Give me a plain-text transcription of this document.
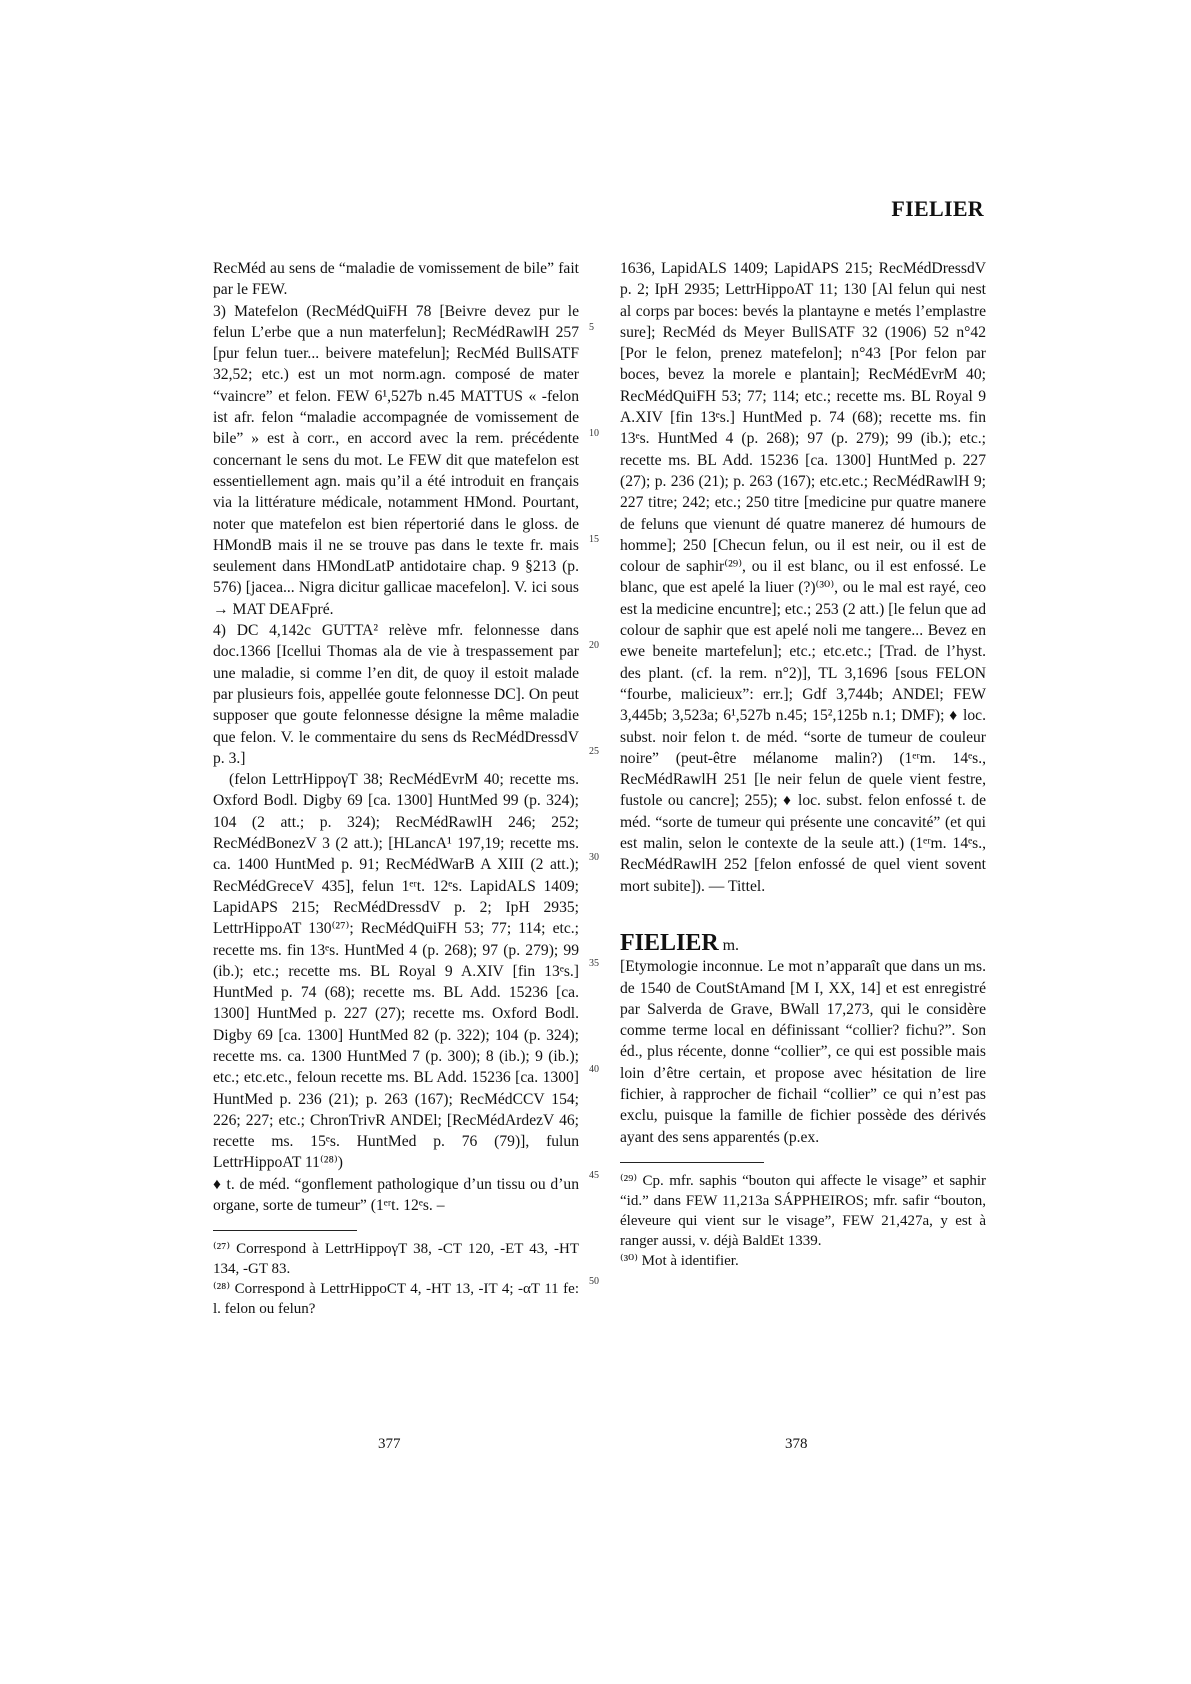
FIELIER

RecMéd au sens de “maladie de vomissement de bile” fait par le FEW.

3) Matefelon (RecMédQuiFH 78 [Beivre devez pur le felun L’erbe que a nun materfelun]; RecMédRawlH 257 [pur felun tuer... beivere matefelun]; RecMéd BullSATF 32,52; etc.) est un mot norm.agn. composé de mater “vaincre” et felon. FEW 6¹,527b n.45 MATTUS « -felon ist afr. felon “maladie accompagnée de vomissement de bile” » est à corr., en accord avec la rem. précédente concernant le sens du mot. Le FEW dit que matefelon est essentiellement agn. mais qu’il a été introduit en français via la littérature médicale, notamment HMond. Pourtant, noter que matefelon est bien répertorié dans le gloss. de HMondB mais il ne se trouve pas dans le texte fr. mais seulement dans HMondLatP antidotaire chap. 9 §213 (p. 576) [jacea... Nigra dicitur gallicae macefelon]. V. ici sous → MAT DEAFpré.

4) DC 4,142c GUTTA² relève mfr. felonnesse dans doc.1366 [Icellui Thomas ala de vie à trespassement par une maladie, si comme l’en dit, de quoy il estoit malade par plusieurs fois, appellée goute felonnesse DC]. On peut supposer que goute felonnesse désigne la même maladie que felon. V. le commentaire du sens ds RecMédDressdV p. 3.]

(felon LettrHippoγT 38; RecMédEvrM 40; recette ms. Oxford Bodl. Digby 69 [ca. 1300] HuntMed 99 (p. 324); 104 (2 att.; p. 324); RecMédRawlH 246; 252; RecMédBonezV 3 (2 att.); [HLancA¹ 197,19; recette ms. ca. 1400 HuntMed p. 91; RecMédWarB A XIII (2 att.); RecMédGreceV 435], felun 1ᵉʳt. 12ᵉs. LapidALS 1409; LapidAPS 215; RecMédDressdV p. 2; IpH 2935; LettrHippoAT 130⁽²⁷⁾; RecMédQuiFH 53; 77; 114; etc.; recette ms. fin 13ᵉs. HuntMed 4 (p. 268); 97 (p. 279); 99 (ib.); etc.; recette ms. BL Royal 9 A.XIV [fin 13ᵉs.] HuntMed p. 74 (68); recette ms. BL Add. 15236 [ca. 1300] HuntMed p. 227 (27); recette ms. Oxford Bodl. Digby 69 [ca. 1300] HuntMed 82 (p. 322); 104 (p. 324); recette ms. ca. 1300 HuntMed 7 (p. 300); 8 (ib.); 9 (ib.); etc.; etc.etc., feloun recette ms. BL Add. 15236 [ca. 1300] HuntMed p. 236 (21); p. 263 (167); RecMédCCV 154; 226; 227; etc.; ChronTrivR ANDEl; [RecMédArdezV 46; recette ms. 15ᵉs. HuntMed p. 76 (79)], fulun LettrHippoAT 11⁽²⁸⁾)

♦ t. de méd. “gonflement pathologique d’un tissu ou d’un organe, sorte de tumeur” (1ᵉʳt. 12ᵉs. –

⁽²⁷⁾ Correspond à LettrHippoγT 38, -CT 120, -ET 43, -HT 134, -GT 83.

⁽²⁸⁾ Correspond à LettrHippoCT 4, -HT 13, -IT 4; -αT 11 fe: l. felon ou felun?

5
10
15
20
25
30
35
40
45
50

1636, LapidALS 1409; LapidAPS 215; RecMédDressdV p. 2; IpH 2935; LettrHippoAT 11; 130 [Al felun qui nest al corps par boces: bevés la plantayne e metés l’emplastre sure]; RecMéd ds Meyer BullSATF 32 (1906) 52 n°42 [Por le felon, prenez matefelon]; n°43 [Por felon par boces, bevez la morele e plantain]; RecMédEvrM 40; RecMédQuiFH 53; 77; 114; etc.; recette ms. BL Royal 9 A.XIV [fin 13ᵉs.] HuntMed p. 74 (68); recette ms. fin 13ᵉs. HuntMed 4 (p. 268); 97 (p. 279); 99 (ib.); etc.; recette ms. BL Add. 15236 [ca. 1300] HuntMed p. 227 (27); p. 236 (21); p. 263 (167); etc.etc.; RecMédRawlH 9; 227 titre; 242; etc.; 250 titre [medicine pur quatre manere de feluns que vienunt dé quatre manerez dé humours de homme]; 250 [Checun felun, ou il est neir, ou il est de colour de saphir⁽²⁹⁾, ou il est blanc, ou il est enfossé. Le blanc, que est apelé la liuer (?)⁽³⁰⁾, ou le mal est rayé, ceo est la medicine encuntre]; etc.; 253 (2 att.) [le felun que ad colour de saphir que est apelé noli me tangere... Bevez en ewe beneite martefelun]; etc.; etc.etc.; [Trad. de l’hyst. des plant. (cf. la rem. n°2)], TL 3,1696 [sous FELON “fourbe, malicieux”: err.]; Gdf 3,744b; ANDEl; FEW 3,445b; 3,523a; 6¹,527b n.45; 15²,125b n.1; DMF); ♦ loc. subst. noir felon t. de méd. “sorte de tumeur de couleur noire” (peut-être mélanome malin?) (1ᵉʳm. 14ᵉs., RecMédRawlH 251 [le neir felun de quele vient festre, fustole ou cancre]; 255); ♦ loc. subst. felon enfossé t. de méd. “sorte de tumeur qui présente une concavité” (et qui est malin, selon le contexte de la seule att.) (1ᵉʳm. 14ᵉs., RecMédRawlH 252 [felon enfossé de quel vient sovent mort subite]). — Tittel.

FIELIER m.

[Etymologie inconnue. Le mot n’apparaît que dans un ms. de 1540 de CoutStAmand [M I, XX, 14] et est enregistré par Salverda de Grave, BWall 17,273, qui le considère comme terme local en définissant “collier? fichu?”. Son éd., plus récente, donne “collier”, ce qui est possible mais loin d’être certain, et propose avec hésitation de lire fichier, à rapprocher de fichail “collier” ce qui n’est pas exclu, puisque la famille de fichier possède des dérivés ayant des sens apparentés (p.ex.

⁽²⁹⁾ Cp. mfr. saphis “bouton qui affecte le visage” et saphir “id.” dans FEW 11,213a SÁPPHEIROS; mfr. safir “bouton, éleveure qui vient sur le visage”, FEW 21,427a, y est à ranger aussi, v. déjà BaldEt 1339.

⁽³⁰⁾ Mot à identifier.

377	378
